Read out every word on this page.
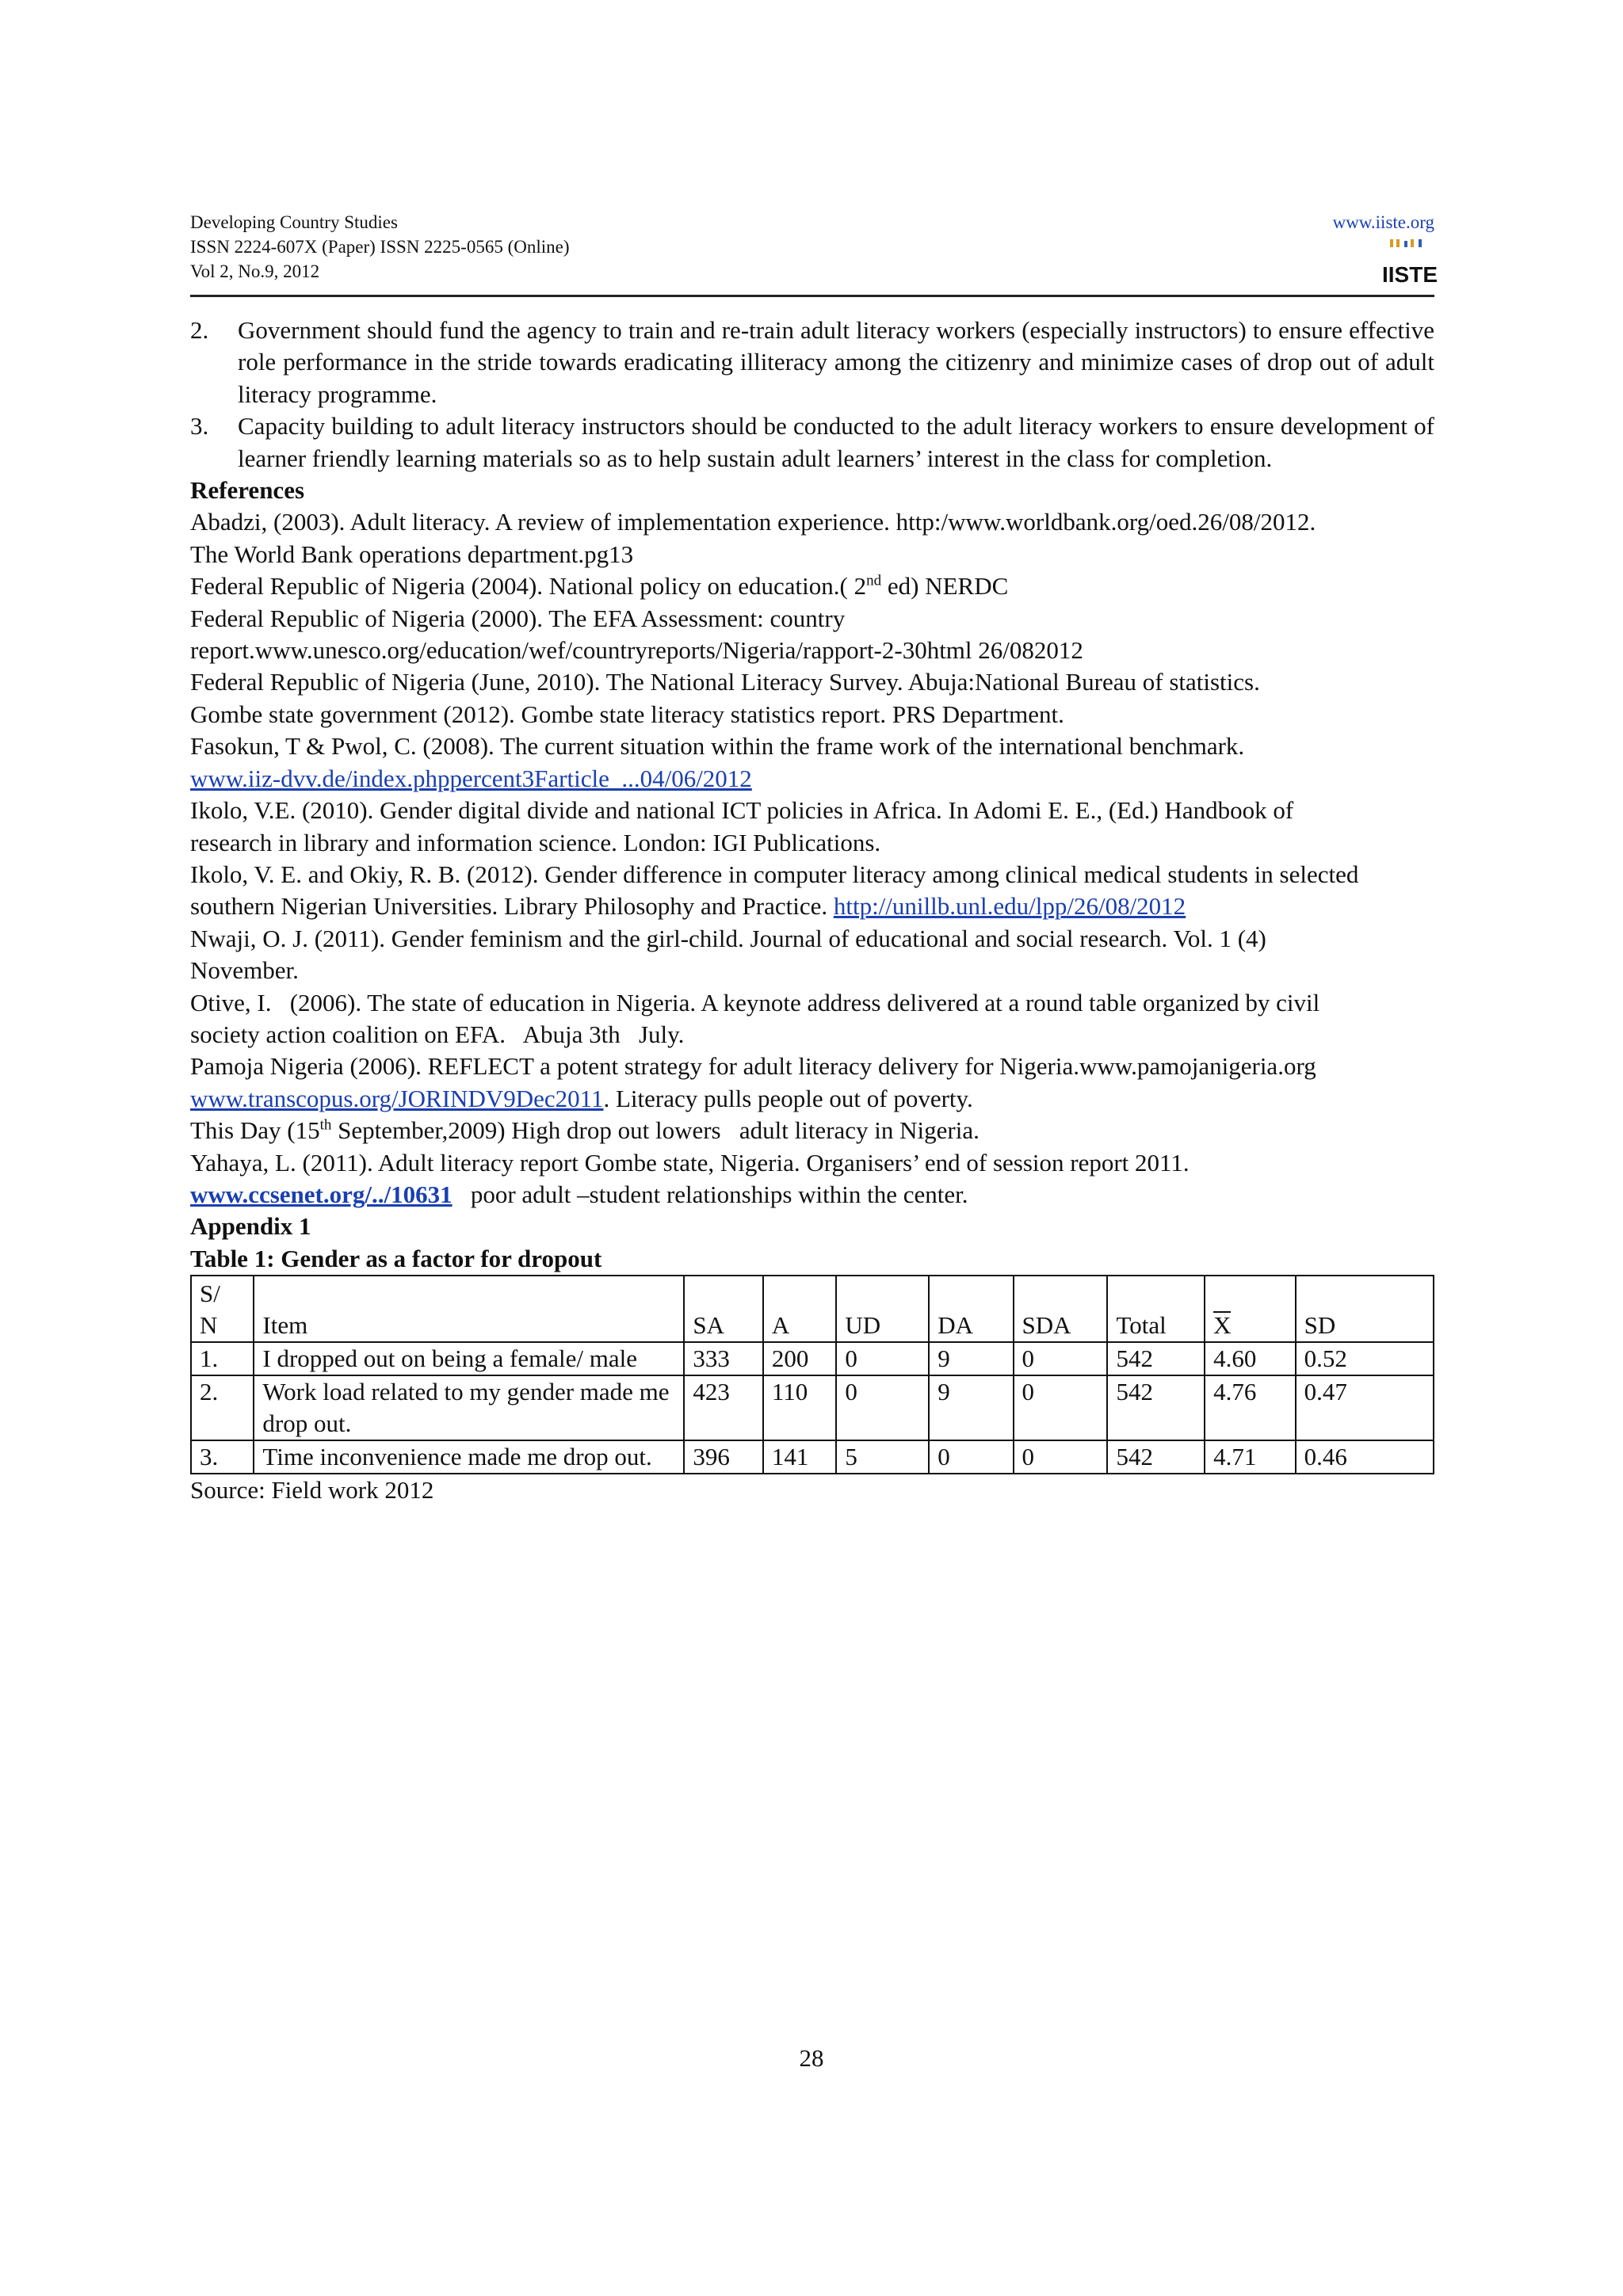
Developing Country Studies
ISSN 2224-607X (Paper) ISSN 2225-0565 (Online)
Vol 2, No.9, 2012
www.iiste.org
IISTE
2.	Government should fund the agency to train and re-train adult literacy workers (especially instructors) to ensure effective role performance in the stride towards eradicating illiteracy among the citizenry and minimize cases of drop out of adult literacy programme.
3.	Capacity building to adult literacy instructors should be conducted to the adult literacy workers to ensure development of learner friendly learning materials so as to help sustain adult learners’ interest in the class for completion.
References
Abadzi, (2003). Adult literacy. A review of implementation experience. http:/www.worldbank.org/oed.26/08/2012.
The World Bank operations department.pg13
Federal Republic of Nigeria (2004). National policy on education.( 2nd ed) NERDC
Federal Republic of Nigeria (2000). The EFA Assessment: country
report.www.unesco.org/education/wef/countryreports/Nigeria/rapport-2-30html 26/082012
Federal Republic of Nigeria (June, 2010). The National Literacy Survey. Abuja:National Bureau of statistics.
Gombe state government (2012). Gombe state literacy statistics report. PRS Department.
Fasokun, T & Pwol, C. (2008). The current situation within the frame work of the international benchmark.
www.iiz-dvv.de/index.phppercent3Farticle_...04/06/2012
Ikolo, V.E. (2010). Gender digital divide and national ICT policies in Africa. In Adomi E. E., (Ed.) Handbook of
research in library and information science. London: IGI Publications.
Ikolo, V. E. and Okiy, R. B. (2012). Gender difference in computer literacy among clinical medical students in selected
southern Nigerian Universities. Library Philosophy and Practice. http://unillb.unl.edu/lpp/26/08/2012
Nwaji, O. J. (2011). Gender feminism and the girl-child. Journal of educational and social research. Vol. 1 (4)
November.
Otive, I.   (2006). The state of education in Nigeria. A keynote address delivered at a round table organized by civil
society action coalition on EFA.   Abuja 3th   July.
Pamoja Nigeria (2006). REFLECT a potent strategy for adult literacy delivery for Nigeria.www.pamojanigeria.org
www.transcopus.org/JORINDV9Dec2011. Literacy pulls people out of poverty.
This Day (15th September,2009) High drop out lowers   adult literacy in Nigeria.
Yahaya, L. (2011). Adult literacy report Gombe state, Nigeria. Organisers’ end of session report 2011.
www.ccsenet.org/../10631   poor adult –student relationships within the center.
Appendix 1
Table 1: Gender as a factor for dropout
S/
N	Item	SA	A	UD	DA	SDA	Total	X	SD
1.	I dropped out on being a female/ male	333	200	0	9	0	542	4.60	0.52
2.	Work load related to my gender made me drop out.	423	110	0	9	0	542	4.76	0.47
3.	Time inconvenience made me drop out.	396	141	5	0	0	542	4.71	0.46
Source: Field work 2012
28
